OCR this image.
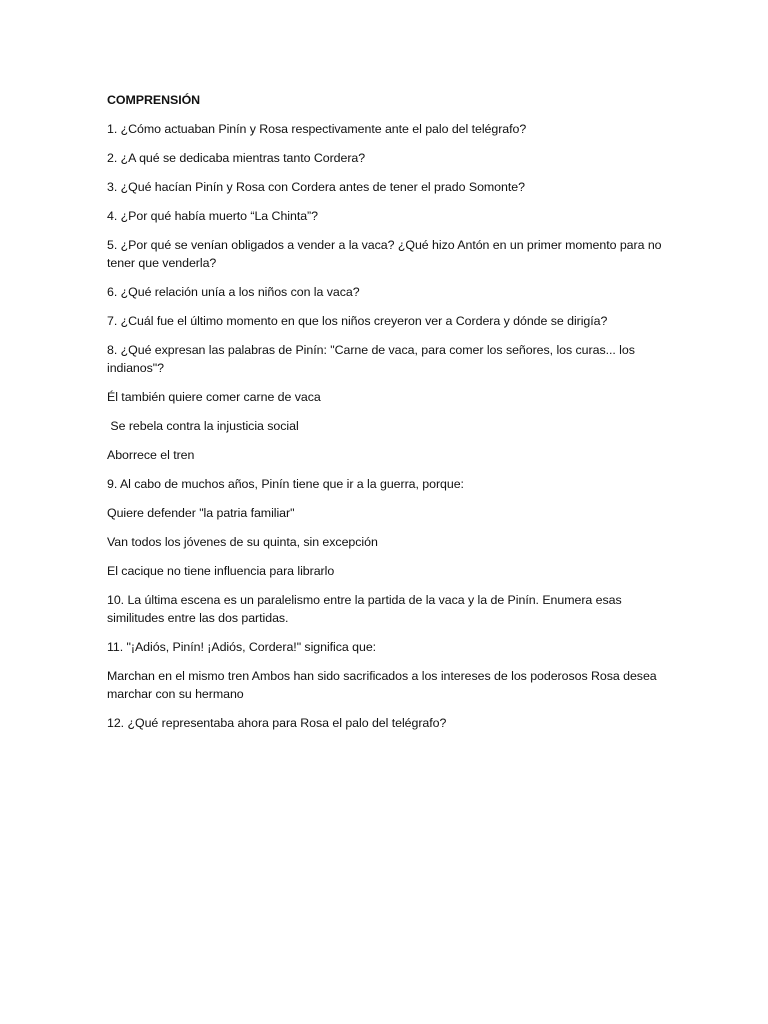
COMPRENSIÓN
1. ¿Cómo actuaban Pinín y Rosa respectivamente ante el palo del telégrafo?
2. ¿A qué se dedicaba mientras tanto Cordera?
3. ¿Qué hacían Pinín y Rosa con Cordera antes de tener el prado Somonte?
4. ¿Por qué había muerto “La Chinta”?
5. ¿Por qué se venían obligados a vender a la vaca? ¿Qué hizo Antón en un primer momento para no tener que venderla?
6. ¿Qué relación unía a los niños con la vaca?
7. ¿Cuál fue el último momento en que los niños creyeron ver a Cordera y dónde se dirigía?
8. ¿Qué expresan las palabras de Pinín: "Carne de vaca, para comer los señores, los curas... los indianos"?
Él también quiere comer carne de vaca
Se rebela contra la injusticia social
Aborrece el tren
9. Al cabo de muchos años, Pinín tiene que ir a la guerra, porque:
Quiere defender "la patria familiar"
Van todos los jóvenes de su quinta, sin excepción
El cacique no tiene influencia para librarlo
10. La última escena es un paralelismo entre la partida de la vaca y la de Pinín. Enumera esas similitudes entre las dos partidas.
11. "¡Adiós, Pinín! ¡Adiós, Cordera!" significa que:
Marchan en el mismo tren Ambos han sido sacrificados a los intereses de los poderosos Rosa desea marchar con su hermano
12. ¿Qué representaba ahora para Rosa el palo del telégrafo?
